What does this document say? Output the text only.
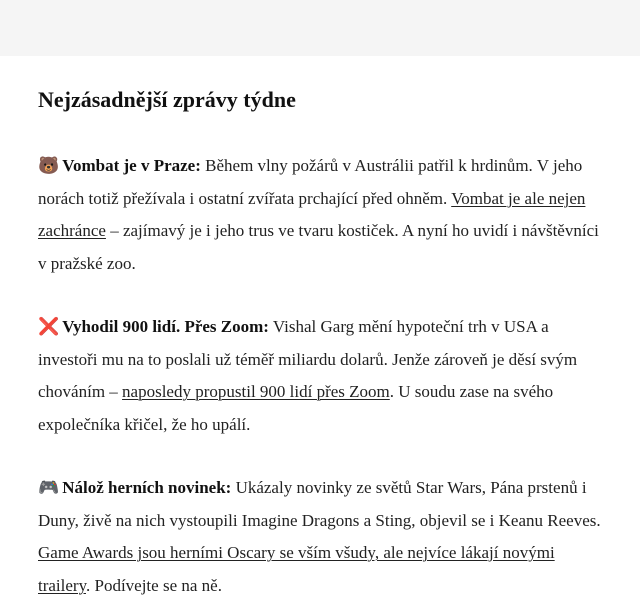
Nejzásadnější zprávy týdne

🐻 Vombat je v Praze: Během vlny požárů v Austrálii patřil k hrdinům. V jeho norách totiž přežívala i ostatní zvířata prchající před ohněm. Vombat je ale nejen zachránce – zajímavý je i jeho trus ve tvaru kostiček. A nyní ho uvidí i návštěvníci v pražské zoo.

❌ Vyhodil 900 lidí. Přes Zoom: Vishal Garg mění hypoteční trh v USA a investoři mu na to poslali už téměř miliardu dolarů. Jenže zároveň je děsí svým chováním – naposledy propustil 900 lidí přes Zoom. U soudu zase na svého expolečníka křičel, že ho upálí.

🎮 Nálož herních novinek: Ukázaly novinky ze světů Star Wars, Pána prstenů i Duny, živě na nich vystoupili Imagine Dragons a Sting, objevil se i Keanu Reeves. Game Awards jsou herními Oscary se vším všudy, ale nejvíce lákají novými trailery. Podívejte se na ně.
